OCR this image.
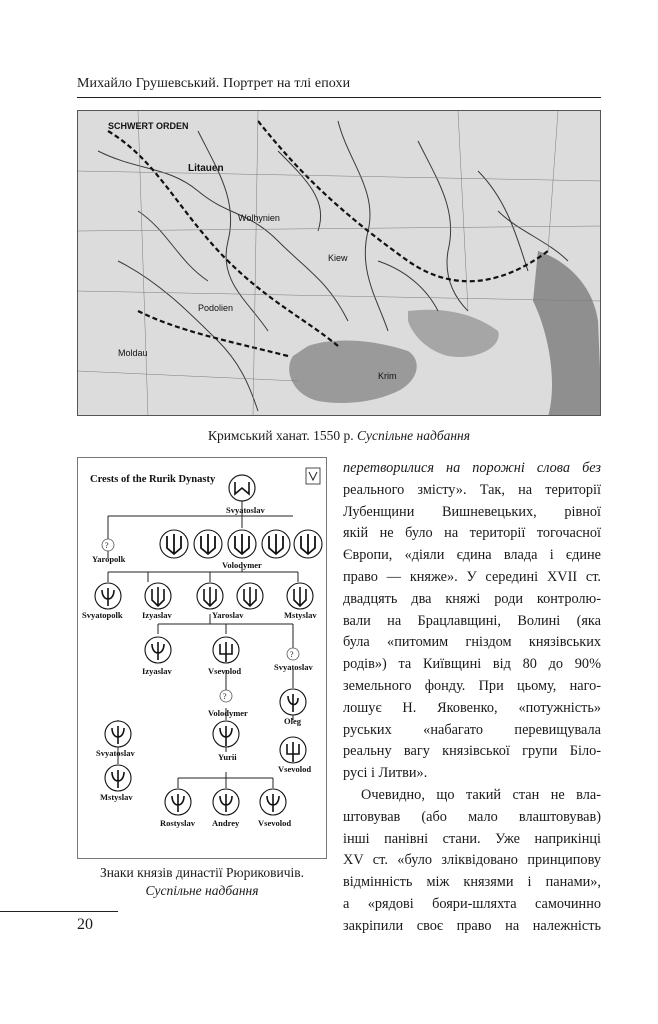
Михайло Грушевський. Портрет на тлі епохи
SCHWERT ORDEN
Podolien
Moldau
Krim
Wolhynien
Kiew
Litauen
Кримський ханат. 1550 р. Суспільне надбання
Crests of the Rurik Dynasty
Svyatoslav
?
Yaropolk
Volodymer
Svyatopolk Izyaslav	Yaroslav	Mstyslav
?
Izyaslav	Vsevolod	Svyatoslav
?
Volodymer
Oleg
Svyatoslav
Mstyslav
Yurii
Vsevolod
Rostyslav Andrey Vsevolod
Знаки князів династії Рюриковичів.
Суспільне надбання
перетворилися на порожні слова без
реального змісту». Так, на території
Лубенщини Вишневецьких, рівної
якій не було на території тогочасної
Європи, «діяли єдина влада і єдине
право — княже». У середині XVII ст.
двадцять два княжі роди контролю-
вали на Брацлавщині, Волині (яка
була «питомим гніздом князівських
родів») та Київщині від 80 до 90%
земельного фонду. При цьому, наго-
лошує Н. Яковенко, «потужність»
руських «набагато перевищувала
реальну вагу князівської групи Біло-
русі і Литви».
Очевидно, що такий стан не вла-
штовував (або мало влаштовував)
інші панівні стани. Уже наприкінці
XV ст. «було зліквідовано принципову
відмінність між князями і панами»,
а «рядові бояри-шляхта самочинно
закріпили своє право на належність
20
